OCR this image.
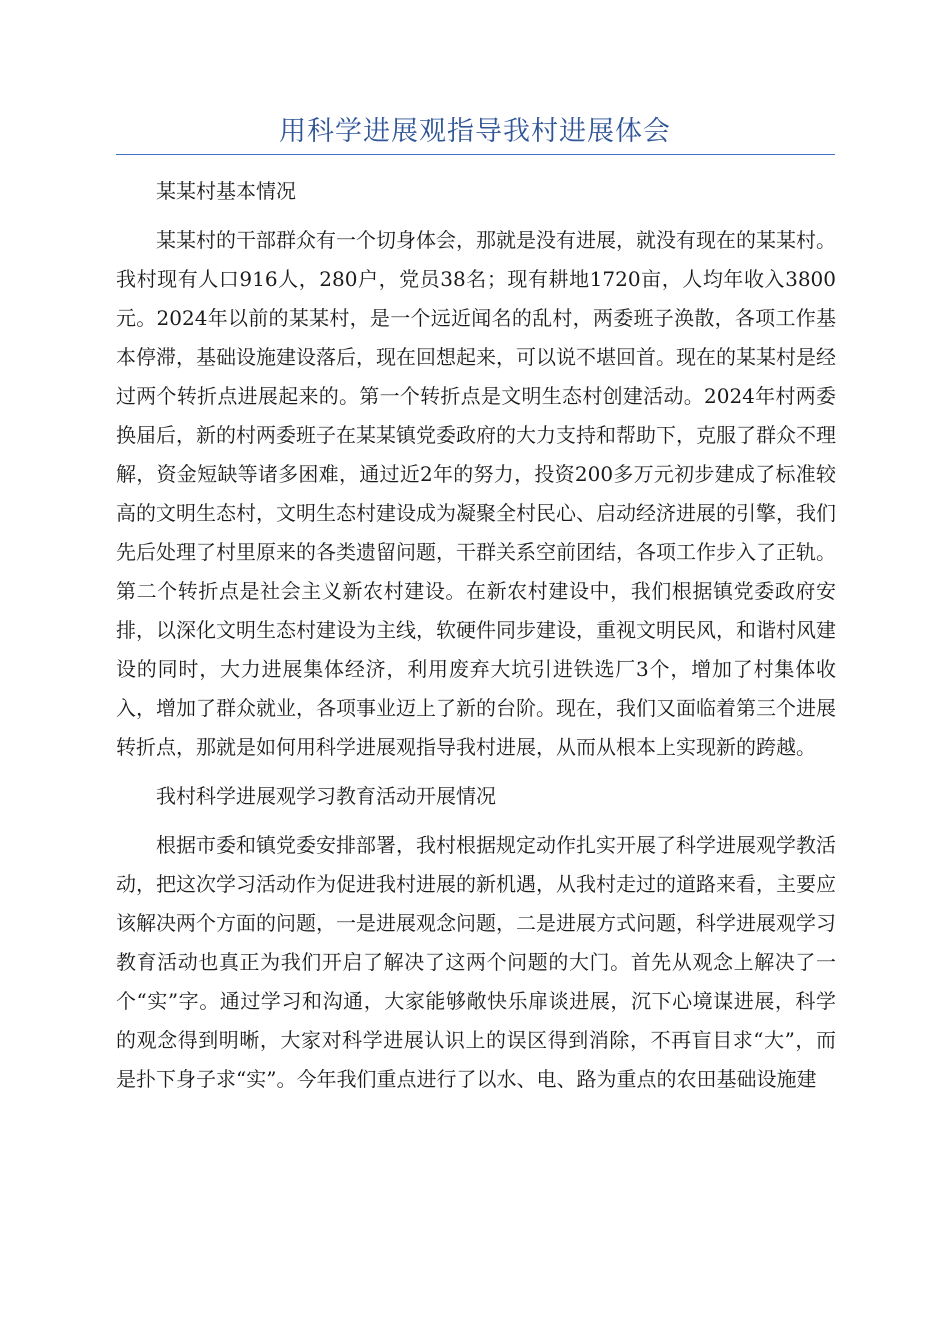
用科学进展观指导我村进展体会

某某村基本情况

某某村的干部群众有一个切身体会，那就是没有进展，就没有现在的某某村。我村现有人口916人，280户，党员38名；现有耕地1720亩，人均年收入3800元。2024年以前的某某村，是一个远近闻名的乱村，两委班子涣散，各项工作基本停滞，基础设施建设落后，现在回想起来，可以说不堪回首。现在的某某村是经过两个转折点进展起来的。第一个转折点是文明生态村创建活动。2024年村两委换届后，新的村两委班子在某某镇党委政府的大力支持和帮助下，克服了群众不理解，资金短缺等诸多困难，通过近2年的努力，投资200多万元初步建成了标准较高的文明生态村，文明生态村建设成为凝聚全村民心、启动经济进展的引擎，我们先后处理了村里原来的各类遗留问题，干群关系空前团结，各项工作步入了正轨。第二个转折点是社会主义新农村建设。在新农村建设中，我们根据镇党委政府安排，以深化文明生态村建设为主线，软硬件同步建设，重视文明民风，和谐村风建设的同时，大力进展集体经济，利用废弃大坑引进铁选厂3个，增加了村集体收入，增加了群众就业，各项事业迈上了新的台阶。现在，我们又面临着第三个进展转折点，那就是如何用科学进展观指导我村进展，从而从根本上实现新的跨越。

我村科学进展观学习教育活动开展情况

根据市委和镇党委安排部署，我村根据规定动作扎实开展了科学进展观学教活动，把这次学习活动作为促进我村进展的新机遇，从我村走过的道路来看，主要应该解决两个方面的问题，一是进展观念问题，二是进展方式问题，科学进展观学习教育活动也真正为我们开启了解决了这两个问题的大门。首先从观念上解决了一个“实”字。通过学习和沟通，大家能够敞快乐扉谈进展，沉下心境谋进展，科学的观念得到明晰，大家对科学进展认识上的误区得到消除，不再盲目求“大”，而是扑下身子求“实”。今年我们重点进行了以水、电、路为重点的农田基础设施建
